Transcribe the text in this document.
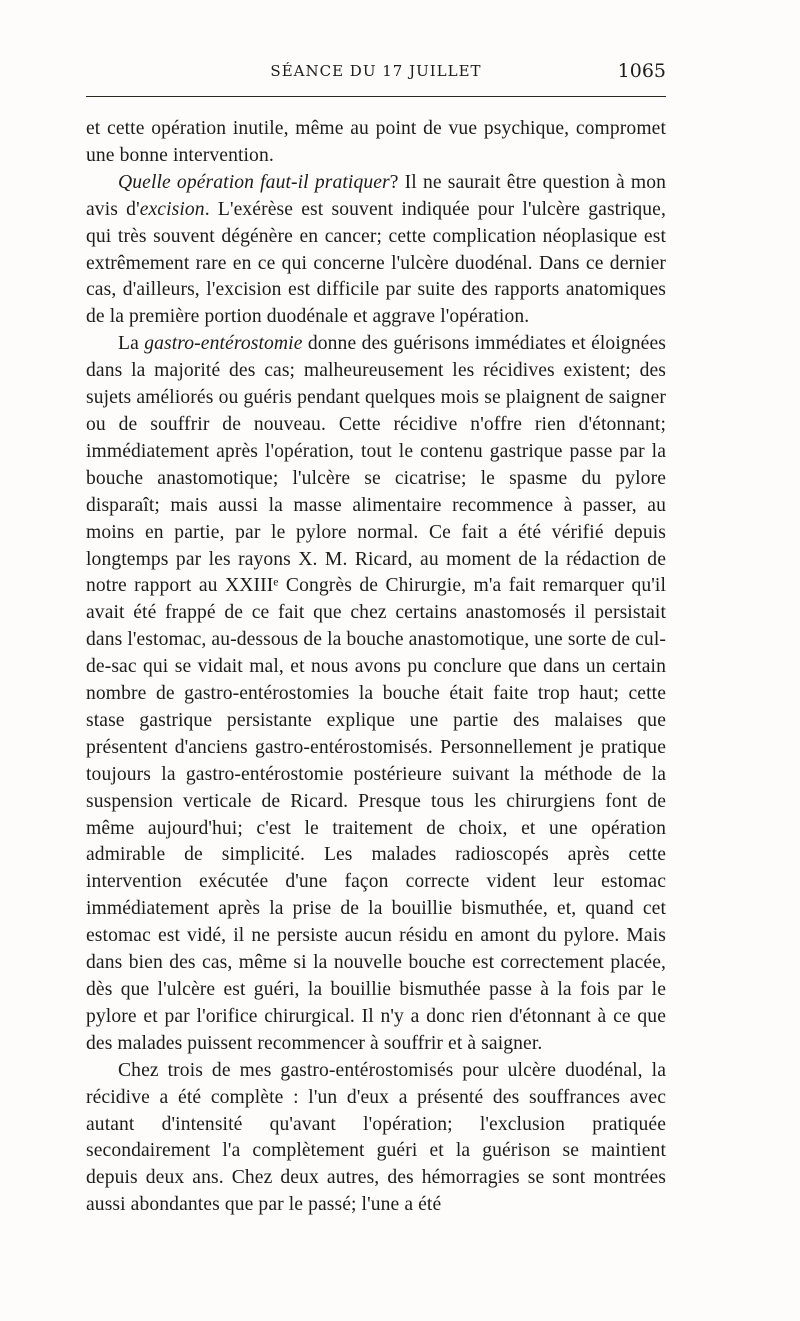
SÉANCE DU 17 JUILLET	1065

et cette opération inutile, même au point de vue psychique, compromet une bonne intervention.

Quelle opération faut-il pratiquer? Il ne saurait être question à mon avis d'excision. L'exérèse est souvent indiquée pour l'ulcère gastrique, qui très souvent dégénère en cancer; cette complication néoplasique est extrêmement rare en ce qui concerne l'ulcère duodénal. Dans ce dernier cas, d'ailleurs, l'excision est difficile par suite des rapports anatomiques de la première portion duodénale et aggrave l'opération.

La gastro-entérostomie donne des guérisons immédiates et éloignées dans la majorité des cas; malheureusement les récidives existent; des sujets améliorés ou guéris pendant quelques mois se plaignent de saigner ou de souffrir de nouveau. Cette récidive n'offre rien d'étonnant; immédiatement après l'opération, tout le contenu gastrique passe par la bouche anastomotique; l'ulcère se cicatrise; le spasme du pylore disparaît; mais aussi la masse alimentaire recommence à passer, au moins en partie, par le pylore normal. Ce fait a été vérifié depuis longtemps par les rayons X. M. Ricard, au moment de la rédaction de notre rapport au XXIIIᵉ Congrès de Chirurgie, m'a fait remarquer qu'il avait été frappé de ce fait que chez certains anastomosés il persistait dans l'estomac, au-dessous de la bouche anastomotique, une sorte de cul-de-sac qui se vidait mal, et nous avons pu conclure que dans un certain nombre de gastro-entérostomies la bouche était faite trop haut; cette stase gastrique persistante explique une partie des malaises que présentent d'anciens gastro-entérostomisés. Personnellement je pratique toujours la gastro-entérostomie postérieure suivant la méthode de la suspension verticale de Ricard. Presque tous les chirurgiens font de même aujourd'hui; c'est le traitement de choix, et une opération admirable de simplicité. Les malades radioscopés après cette intervention exécutée d'une façon correcte vident leur estomac immédiatement après la prise de la bouillie bismuthée, et, quand cet estomac est vidé, il ne persiste aucun résidu en amont du pylore. Mais dans bien des cas, même si la nouvelle bouche est correctement placée, dès que l'ulcère est guéri, la bouillie bismuthée passe à la fois par le pylore et par l'orifice chirurgical. Il n'y a donc rien d'étonnant à ce que des malades puissent recommencer à souffrir et à saigner.

Chez trois de mes gastro-entérostomisés pour ulcère duodénal, la récidive a été complète : l'un d'eux a présenté des souffrances avec autant d'intensité qu'avant l'opération; l'exclusion pratiquée secondairement l'a complètement guéri et la guérison se maintient depuis deux ans. Chez deux autres, des hémorragies se sont montrées aussi abondantes que par le passé; l'une a été
